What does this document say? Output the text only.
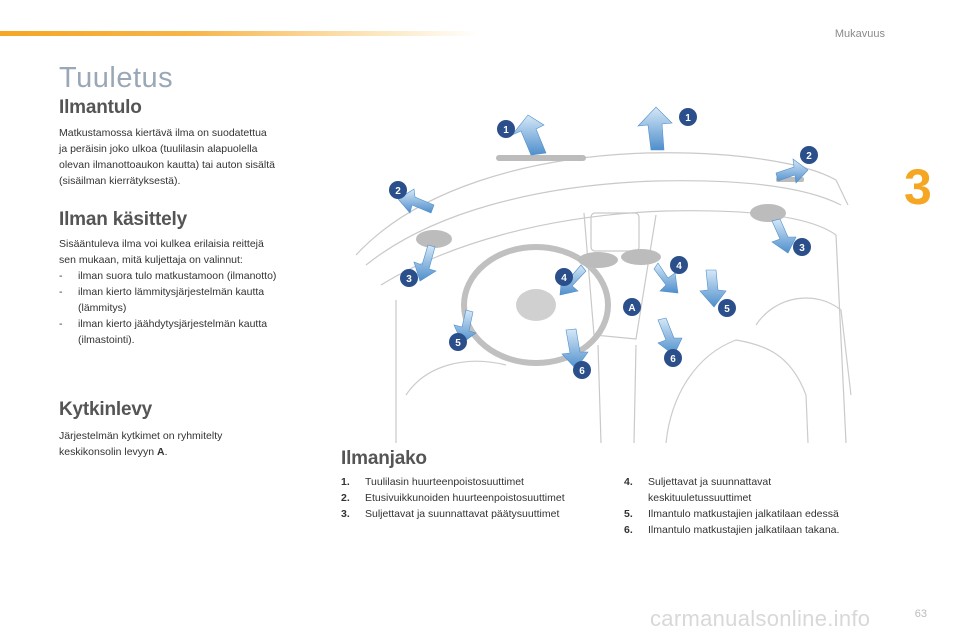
Mukavuus
3
Tuuletus
Ilmantulo

Matkustamossa kiertävä ilma on suodatettua
ja peräisin joko ulkoa (tuulilasin alapuolella
olevan ilmanottoaukon kautta) tai auton sisältä
(sisäilman kierrätyksestä).

Ilman käsittely

Sisääntuleva ilma voi kulkea erilaisia reittejä
sen mukaan, mitä kuljettaja on valinnut:

- ilman suora tulo matkustamoon (ilmanotto)
- ilman kierto lämmitysjärjestelmän kautta
(lämmitys)
- ilman kierto jäähdytysjärjestelmän kautta
(ilmastointi).
Kytkinlevy

Järjestelmän kytkimet on ryhmitelty
keskikonsolin levyyn A.

1
1
2
2
3
3
4
4
5
5
6
6
A
Ilmanjako
1. Tuulilasin huurteenpoistosuuttimet
2. Etusivuikkunoiden huurteenpoistosuuttimet
3. Suljettavat ja suunnattavat päätysuuttimet
4. Suljettavat ja suunnattavat
keskituuletussuuttimet
5. Ilmantulo matkustajien jalkatilaan edessä
6. Ilmantulo matkustajien jalkatilaan takana.
63
carmanualsonline.info
